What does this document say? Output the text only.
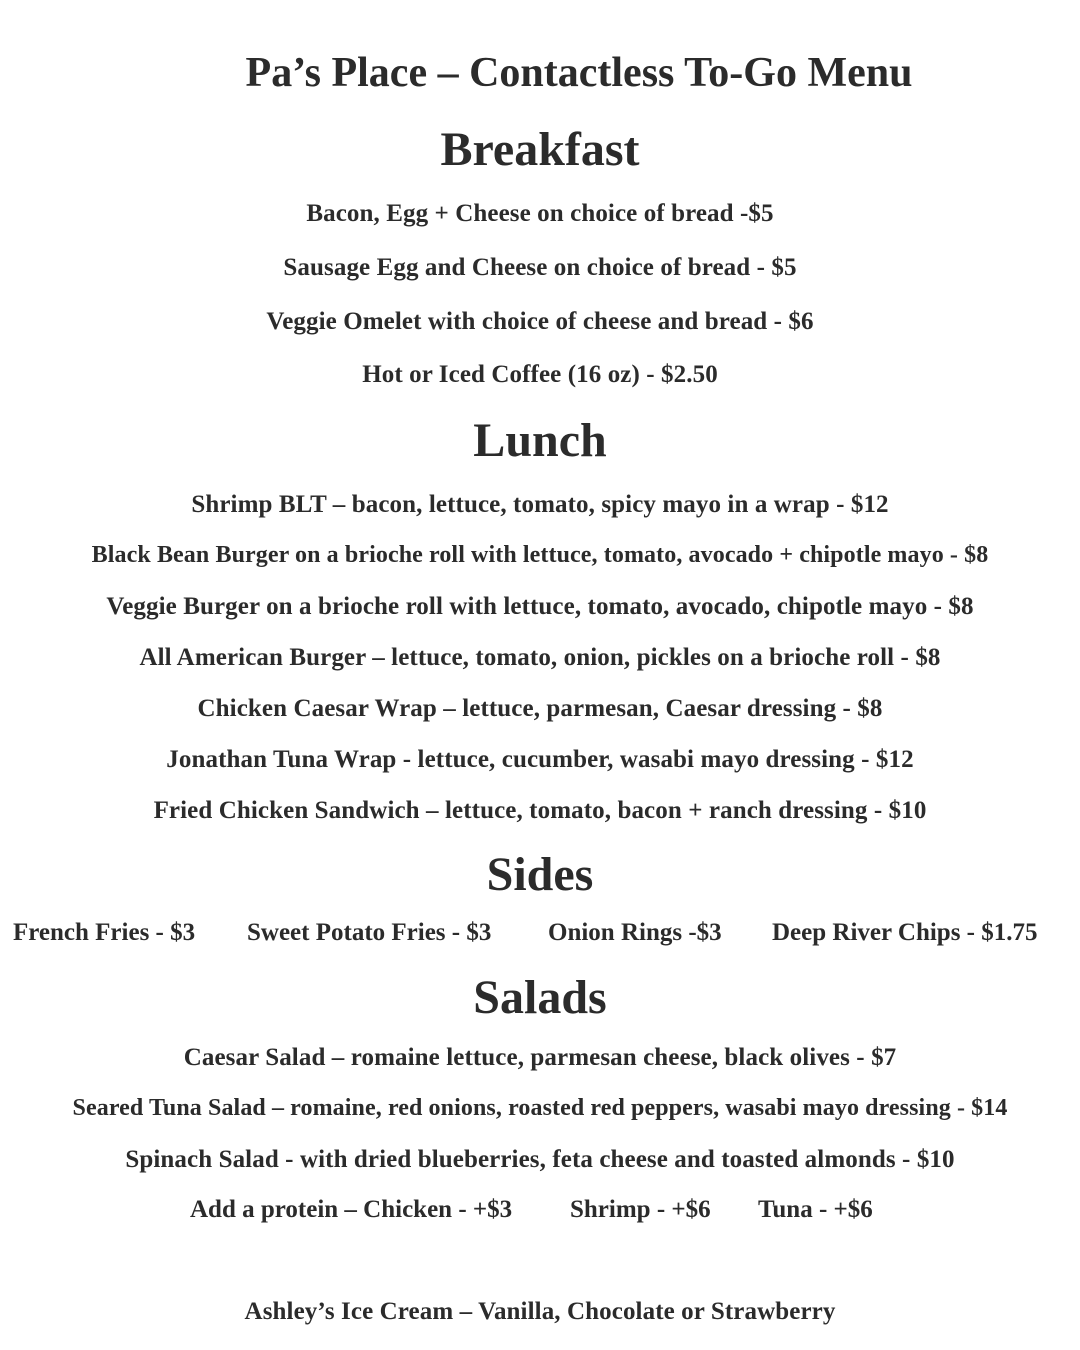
Pa’s Place – Contactless To-Go Menu
Breakfast
Bacon, Egg + Cheese on choice of bread -$5
Sausage Egg and Cheese on choice of bread - $5
Veggie Omelet with choice of cheese and bread - $6
Hot or Iced Coffee (16 oz) - $2.50
Lunch
Shrimp BLT – bacon, lettuce, tomato, spicy mayo in a wrap - $12
Black Bean Burger on a brioche roll with lettuce, tomato, avocado + chipotle mayo - $8
Veggie Burger on a brioche roll with lettuce, tomato, avocado, chipotle mayo - $8
All American Burger – lettuce, tomato, onion, pickles on a brioche roll - $8
Chicken Caesar Wrap – lettuce, parmesan, Caesar dressing - $8
Jonathan Tuna Wrap - lettuce, cucumber, wasabi mayo dressing - $12
Fried Chicken Sandwich – lettuce, tomato, bacon + ranch dressing - $10
Sides
French Fries - $3 Sweet Potato Fries - $3 Onion Rings -$3 Deep River Chips - $1.75
Salads
Caesar Salad – romaine lettuce, parmesan cheese, black olives - $7
Seared Tuna Salad – romaine, red onions, roasted red peppers, wasabi mayo dressing - $14
Spinach Salad - with dried blueberries, feta cheese and toasted almonds - $10
Add a protein – Chicken - +$3 Shrimp - +$6 Tuna - +$6
Ashley’s Ice Cream – Vanilla, Chocolate or Strawberry
